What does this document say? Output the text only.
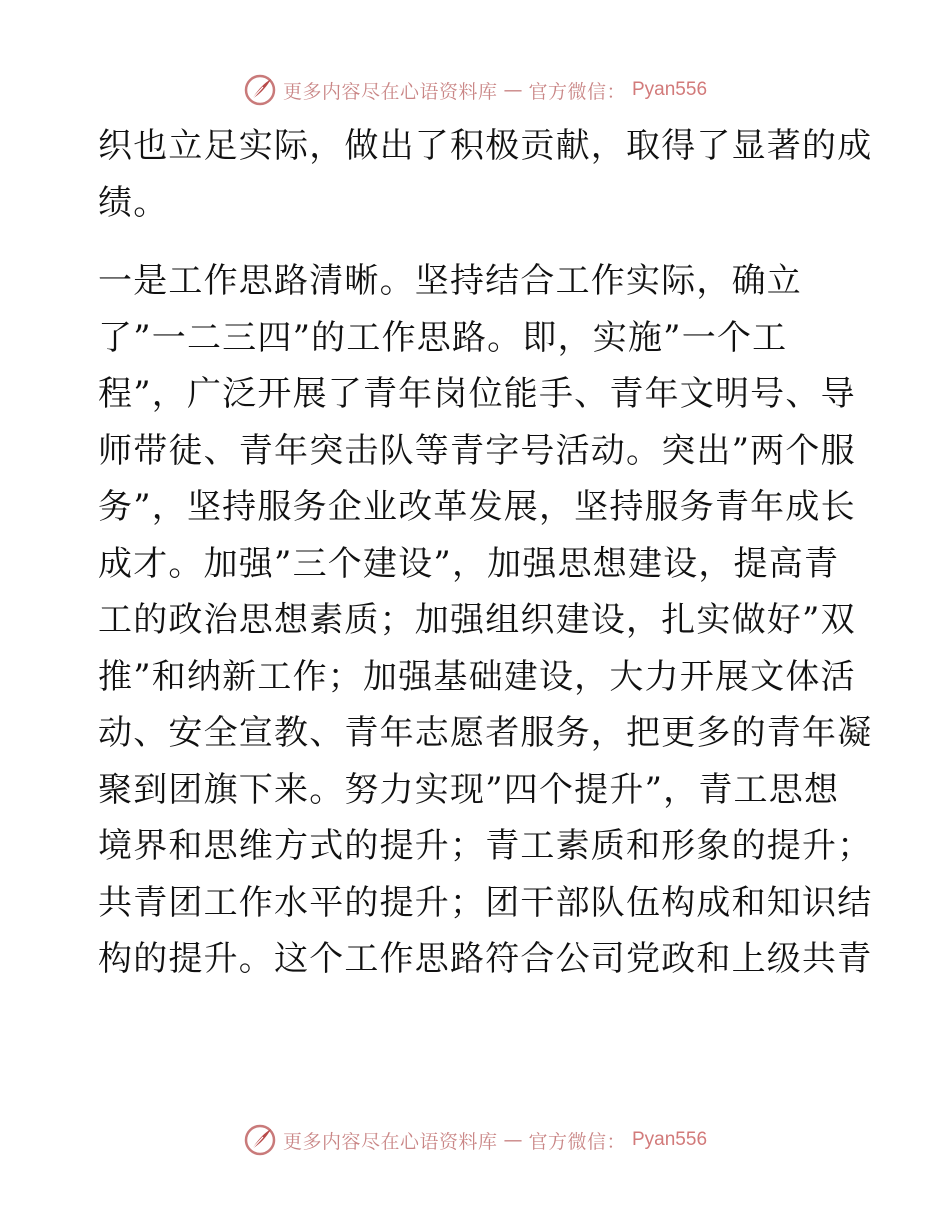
更多内容尽在心语资料库 — 官方微信： Pyan556
织也立足实际，做出了积极贡献，取得了显著的成
绩。
一是工作思路清晰。坚持结合工作实际，确立
了”一二三四”的工作思路。即，实施”一个工
程”，广泛开展了青年岗位能手、青年文明号、导
师带徒、青年突击队等青字号活动。突出”两个服
务”，坚持服务企业改革发展，坚持服务青年成长
成才。加强”三个建设”，加强思想建设，提高青
工的政治思想素质；加强组织建设，扎实做好”双
推”和纳新工作；加强基础建设，大力开展文体活
动、安全宣教、青年志愿者服务，把更多的青年凝
聚到团旗下来。努力实现”四个提升”，青工思想
境界和思维方式的提升；青工素质和形象的提升；
共青团工作水平的提升；团干部队伍构成和知识结
构的提升。这个工作思路符合公司党政和上级共青
更多内容尽在心语资料库 — 官方微信： Pyan556
